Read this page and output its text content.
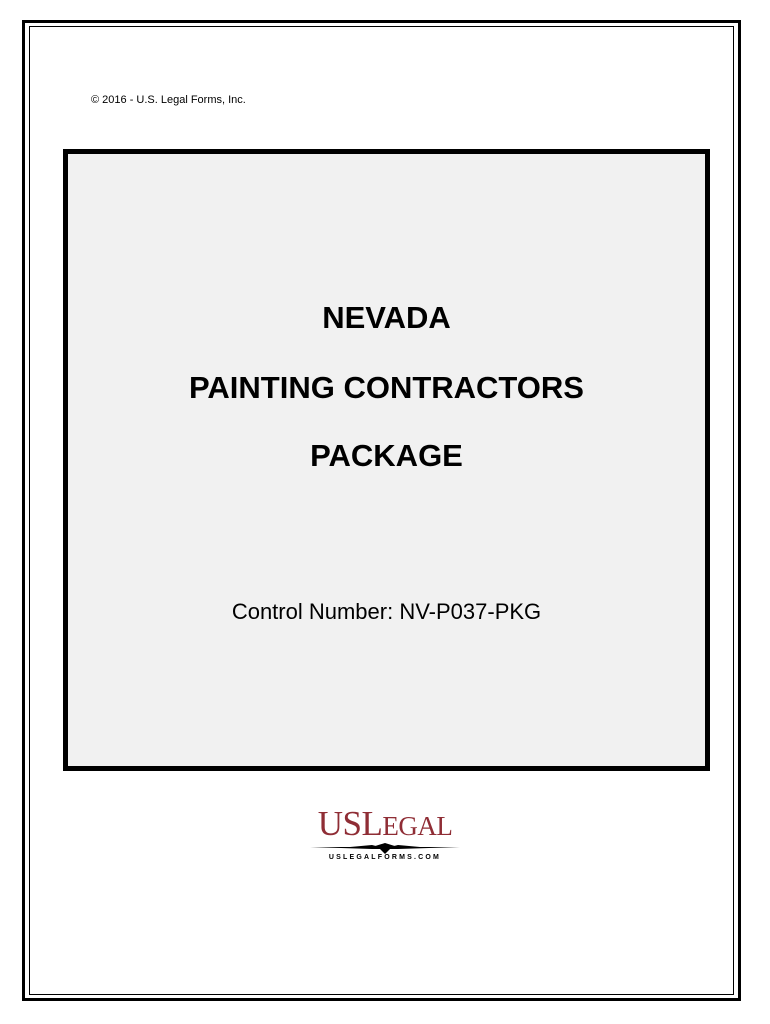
© 2016 - U.S. Legal Forms, Inc.
NEVADA
PAINTING CONTRACTORS
PACKAGE
Control Number: NV-P037-PKG
USLEGAL
USLEGALFORMS.COM
